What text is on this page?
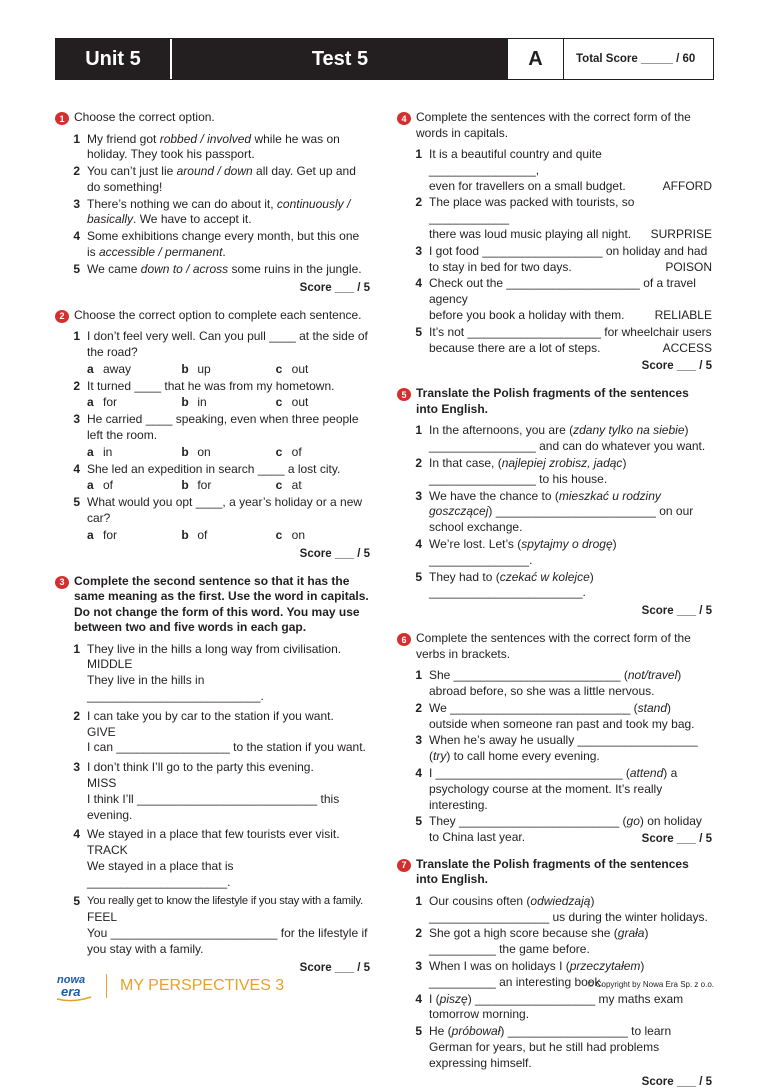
Unit 5	Test 5	A	Total Score _____ / 60
1 Choose the correct option.
1 My friend got robbed / involved while he was on holiday. They took his passport.
2 You can’t just lie around / down all day. Get up and do something!
3 There’s nothing we can do about it, continuously / basically. We have to accept it.
4 Some exhibitions change every month, but this one is accessible / permanent.
5 We came down to / across some ruins in the jungle.
Score ___ / 5
2 Choose the correct option to complete each sentence.
1 I don’t feel very well. Can you pull ____ at the side of the road?
a away	b up	c out
2 It turned ____ that he was from my hometown.
a for	b in	c out
3 He carried ____ speaking, even when three people left the room.
a in	b on	c of
4 She led an expedition in search ____ a lost city.
a of	b for	c at
5 What would you opt ____, a year’s holiday or a new car?
a for	b of	c on
Score ___ / 5
3 Complete the second sentence so that it has the same meaning as the first. Use the word in capitals. Do not change the form of this word. You may use between two and five words in each gap.
1 They live in the hills a long way from civilisation.
MIDDLE
They live in the hills in __________________________.
2 I can take you by car to the station if you want.
GIVE
I can _________________ to the station if you want.
3 I don’t think I’ll go to the party this evening.
MISS
I think I’ll ___________________________ this evening.
4 We stayed in a place that few tourists ever visit.
TRACK
We stayed in a place that is _____________________.
5 You really get to know the lifestyle if you stay with a family.
FEEL
You _________________________ for the lifestyle if you stay with a family.
Score ___ / 5
4 Complete the sentences with the correct form of the words in capitals.
1 It is a beautiful country and quite ________________,
even for travellers on a small budget.	AFFORD
2 The place was packed with tourists, so ____________
there was loud music playing all night. SURPRISE
3 I got food __________________ on holiday and had
to stay in bed for two days.	POISON
4 Check out the ____________________ of a travel agency
before you book a holiday with them.	RELIABLE
5 It’s not ____________________ for wheelchair users
because there are a lot of steps.	ACCESS
Score ___ / 5
5 Translate the Polish fragments of the sentences into English.
1 In the afternoons, you are (zdany tylko na siebie) ________________ and can do whatever you want.
2 In that case, (najlepiej zrobisz, jadąc) ________________ to his house.
3 We have the chance to (mieszkać u rodziny goszczącej) ________________________ on our school exchange.
4 We’re lost. Let’s (spytajmy o drogę) _______________.
5 They had to (czekać w kolejce) _______________________.
Score ___ / 5
6 Complete the sentences with the correct form of the verbs in brackets.
1 She _________________________ (not/travel) abroad before, so she was a little nervous.
2 We ___________________________ (stand) outside when someone ran past and took my bag.
3 When he’s away he usually __________________ (try) to call home every evening.
4 I ____________________________ (attend) a psychology course at the moment. It’s really interesting.
5 They ________________________ (go) on holiday to China last year.	Score ___ / 5
7 Translate the Polish fragments of the sentences into English.
1 Our cousins often (odwiedzają) __________________ us during the winter holidays.
2 She got a high score because she (grała) __________ the game before.
3 When I was on holidays I (przeczytałem) __________ an interesting book.
4 I (piszę) __________________ my maths exam tomorrow morning.
5 He (próbował) __________________ to learn German for years, but he still had problems expressing himself.
Score ___ / 5
nowa
era MY PERSPECTIVES 3	© Copyright by Nowa Era Sp. z o.o.
